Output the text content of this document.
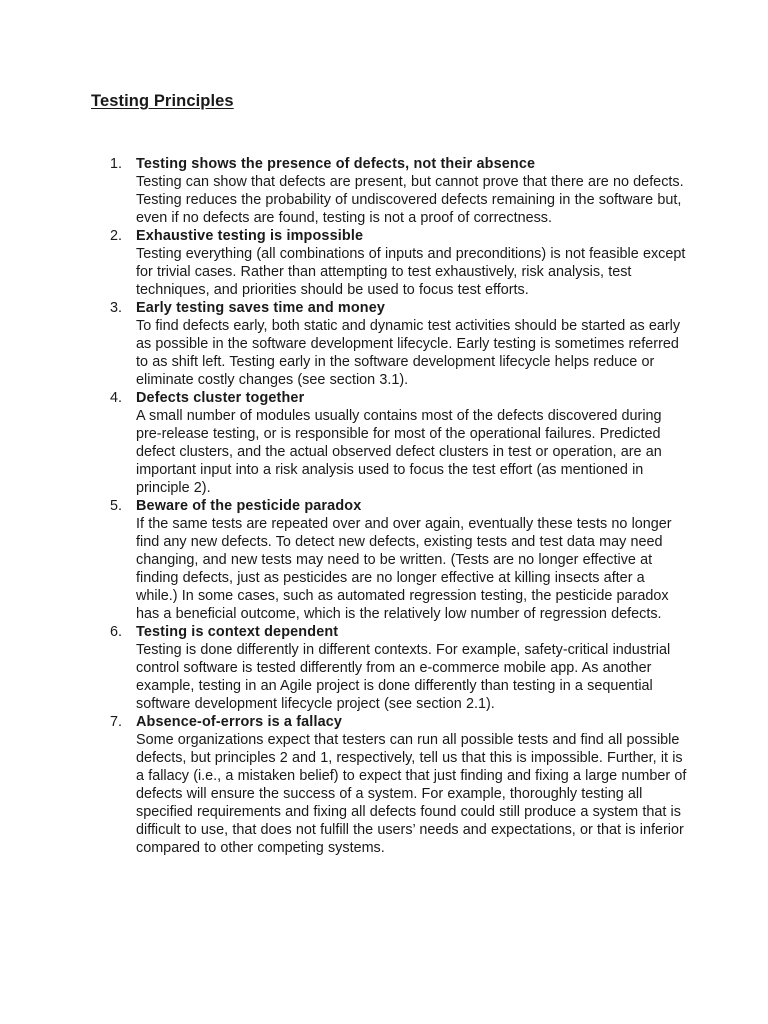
Testing Principles
1. Testing shows the presence of defects, not their absence
Testing can show that defects are present, but cannot prove that there are no defects. Testing reduces the probability of undiscovered defects remaining in the software but, even if no defects are found, testing is not a proof of correctness.
2. Exhaustive testing is impossible
Testing everything (all combinations of inputs and preconditions) is not feasible except for trivial cases. Rather than attempting to test exhaustively, risk analysis, test techniques, and priorities should be used to focus test efforts.
3. Early testing saves time and money
To find defects early, both static and dynamic test activities should be started as early as possible in the software development lifecycle. Early testing is sometimes referred to as shift left. Testing early in the software development lifecycle helps reduce or eliminate costly changes (see section 3.1).
4. Defects cluster together
A small number of modules usually contains most of the defects discovered during pre-release testing, or is responsible for most of the operational failures. Predicted defect clusters, and the actual observed defect clusters in test or operation, are an important input into a risk analysis used to focus the test effort (as mentioned in principle 2).
5. Beware of the pesticide paradox
If the same tests are repeated over and over again, eventually these tests no longer find any new defects. To detect new defects, existing tests and test data may need changing, and new tests may need to be written. (Tests are no longer effective at finding defects, just as pesticides are no longer effective at killing insects after a while.) In some cases, such as automated regression testing, the pesticide paradox has a beneficial outcome, which is the relatively low number of regression defects.
6. Testing is context dependent
Testing is done differently in different contexts. For example, safety-critical industrial control software is tested differently from an e-commerce mobile app. As another example, testing in an Agile project is done differently than testing in a sequential software development lifecycle project (see section 2.1).
7. Absence-of-errors is a fallacy
Some organizations expect that testers can run all possible tests and find all possible defects, but principles 2 and 1, respectively, tell us that this is impossible. Further, it is a fallacy (i.e., a mistaken belief) to expect that just finding and fixing a large number of defects will ensure the success of a system. For example, thoroughly testing all specified requirements and fixing all defects found could still produce a system that is difficult to use, that does not fulfill the users’ needs and expectations, or that is inferior compared to other competing systems.
